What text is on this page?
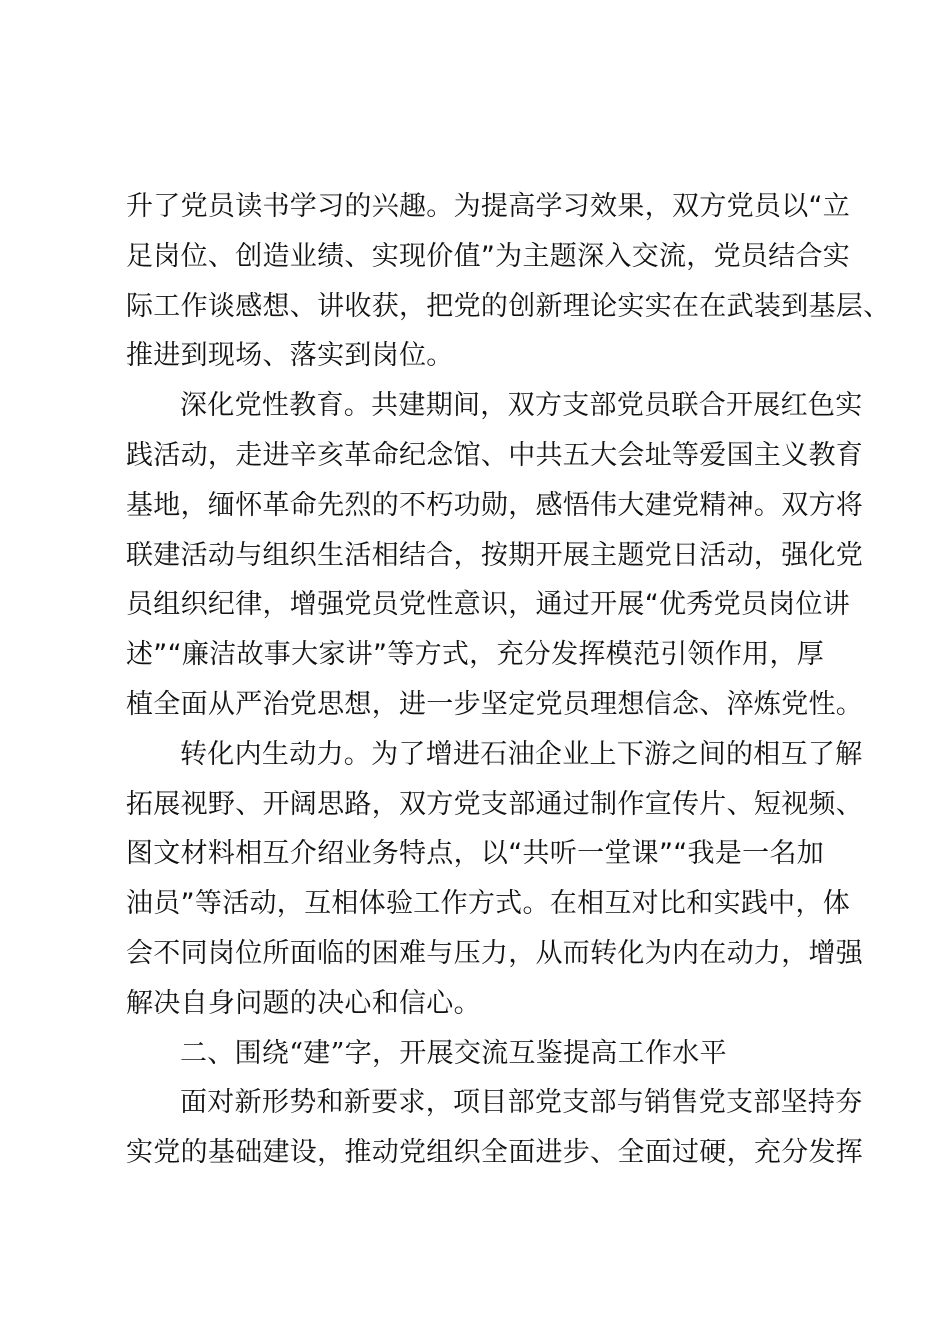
升了党员读书学习的兴趣。为提高学习效果，双方党员以“立
足岗位、创造业绩、实现价值”为主题深入交流，党员结合实
际工作谈感想、讲收获，把党的创新理论实实在在武装到基层、
推进到现场、落实到岗位。
深化党性教育。共建期间，双方支部党员联合开展红色实
践活动，走进辛亥革命纪念馆、中共五大会址等爱国主义教育
基地，缅怀革命先烈的不朽功勋，感悟伟大建党精神。双方将
联建活动与组织生活相结合，按期开展主题党日活动，强化党
员组织纪律，增强党员党性意识，通过开展“优秀党员岗位讲
述”“廉洁故事大家讲”等方式，充分发挥模范引领作用，厚
植全面从严治党思想，进一步坚定党员理想信念、淬炼党性。
转化内生动力。为了增进石油企业上下游之间的相互了解
拓展视野、开阔思路，双方党支部通过制作宣传片、短视频、
图文材料相互介绍业务特点，以“共听一堂课”“我是一名加
油员”等活动，互相体验工作方式。在相互对比和实践中，体
会不同岗位所面临的困难与压力，从而转化为内在动力，增强
解决自身问题的决心和信心。
二、围绕“建”字，开展交流互鉴提高工作水平
面对新形势和新要求，项目部党支部与销售党支部坚持夯
实党的基础建设，推动党组织全面进步、全面过硬，充分发挥
